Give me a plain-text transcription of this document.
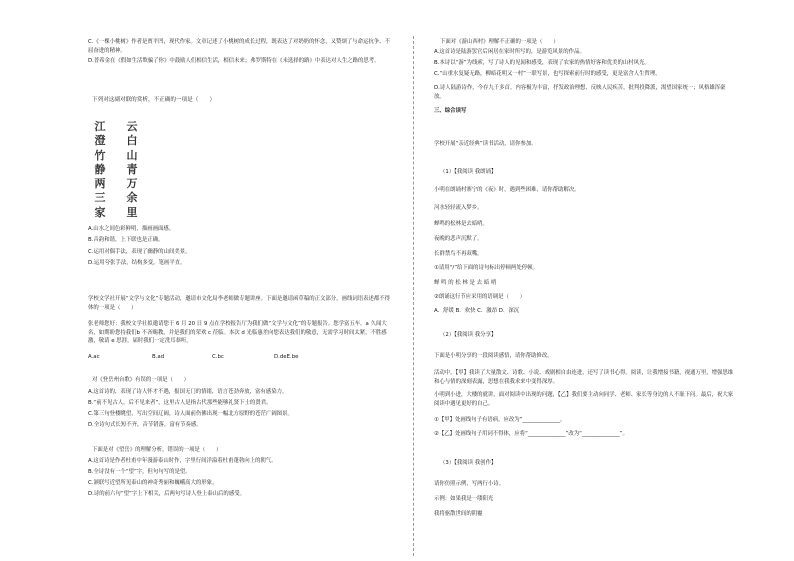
C.《一棵小桃树》作者是贾平凹，现代作家。文章记述了小桃树的成长过程，既表达了对奶奶的怀念，又赞颂了与命运抗争、不屈奋进的精神。
D.普希金在《假如生活欺骗了你》中鼓励人们相信生活，相信未来；弗罗斯特在《未选择的路》中表达对人生之路的思考。
下列对这副对联的赏析，不正确的一项是（　　）
云白山青万余里
江澄竹静两三家
A.山水之间色彩鲜明，描画画面感。
B.音韵和谐，上下联也是正确。
C.运用对偶手法，表现了幽静的山间美景。
D.运用夸张手法，结构多变，笔画平直。
学校文学社开展“文学与文化”专题活动，邀请市文化局李老师做专题讲座。下面是邀请函草稿的正文部分，画线词语表述都不得体的一项是（　　）
张老师您好：我校文学社拟邀请您于 6 月 20 日 9 点在学校报告厅为我们做“文学与文化”的专题报告。您学富五车，a 久闻大名，如期盼您持我们b 不吝赐教，并是我们的荣欢 c 莅临。本次 d 光临惠差向您表达我们的敬意，无需学习时间太紧，不胜感激，敬请 e 思涯，届时我们一定洗耳恭听。
A.ac	B.ad	C.bc	D.deE.be
对《登岳州台歌》有误的一项是（　　）
A.这首诗的，表现了诗人怀才不遇，报国无门的情绪，语言苍劲奔放，富有感染力。
B.“前不见古人，后不见来者”，这里古人是指古代那些能够礼贤下士的贤君。
C.第三句登楼眺望，写出空间辽阔，诗人面前伤佛出现一幅北方原野的苍茫广阔图景。
D.全诗句式长短不齐，音节错落，富有节奏感。
下面是对《望岳》的理解分析，错误的一项是（　　）
A.这首诗是作者杜甫中年漫游泰山时作，字里行间洋溢着杜甫蓬勃向上的朝气。
B.全诗没有一个“望”字，但句句写的是望。
C.颔联写近望所见泰山的神奇秀丽和巍峨高大的形象。
D.诗的前六句“望”字上下相关，后两句写诗人登上泰山后的感受。
下面对《游山西村》理解不正确的一项是（　　）
A.这首诗是陆游罢官后闲居在家时所写的，是游览风景的作品。
B.本诗以“游”为线索，写了诗人的见闻和感受，表现了农家的热情好客和优美的山村风光。
C.“山重水复疑无路，柳暗花明又一村”一联写景，也写探索前行时的感受，更是富含人生哲理。
D.诗人陆游诗作，今存九千多首。内容极为丰富，抒发政治理想，反映人民疾苦，批判投降派，渴望国家统一；风格雄浑豪放。
三、综合读写
学校开展“亲近经典”读书活动，请你参加。
（1）【我阅读 我朗诵】
小明在朗诵村寨宁的《夜》时，遇到些困难，请你帮助解决。
河水轻轻流入梦乡。
蝉鸣的松林是去暗哨。
夜晚的悲声沉默了。
长群禁鸟不再双嘴。
①请用“/”给下面的诗句标出停顿两处停顿。
蝉 鸣 的 松 林 是 去 暗 哨
②朗诵这行节应采用的语调是（　　）
A．舒缓 B．欢快 C．激昂 D．深沉
（2）【我阅读 我分享】
下面是小明分享的一段阅读感悟，请你帮助修改。
活动中，【甲】我读了大量散文、诗歌、小说、戏剧相自由连进，还写了读书心得。阅读，让我增接书籍，视通万里，增强思维和心与情的深刻表露，思想在我我求来中变得深厚。
小明到小进，大楼的就讲，面对阅读中出现的问题，【乙】我们要主动向同学、老师、家长等身边的人不耻下问。最后，祝大家阅读中遇见更好的自己。
①【甲】处画线句子有语病，应改为“______________。
②【乙】处画线句子用词不得体，应将“______________”改为“______________”。
（3）【我阅读 我创作】
请你仿照示例，写两行小诗。
示例：如果我是一缕阳光
我将驱散世间的阴霾
